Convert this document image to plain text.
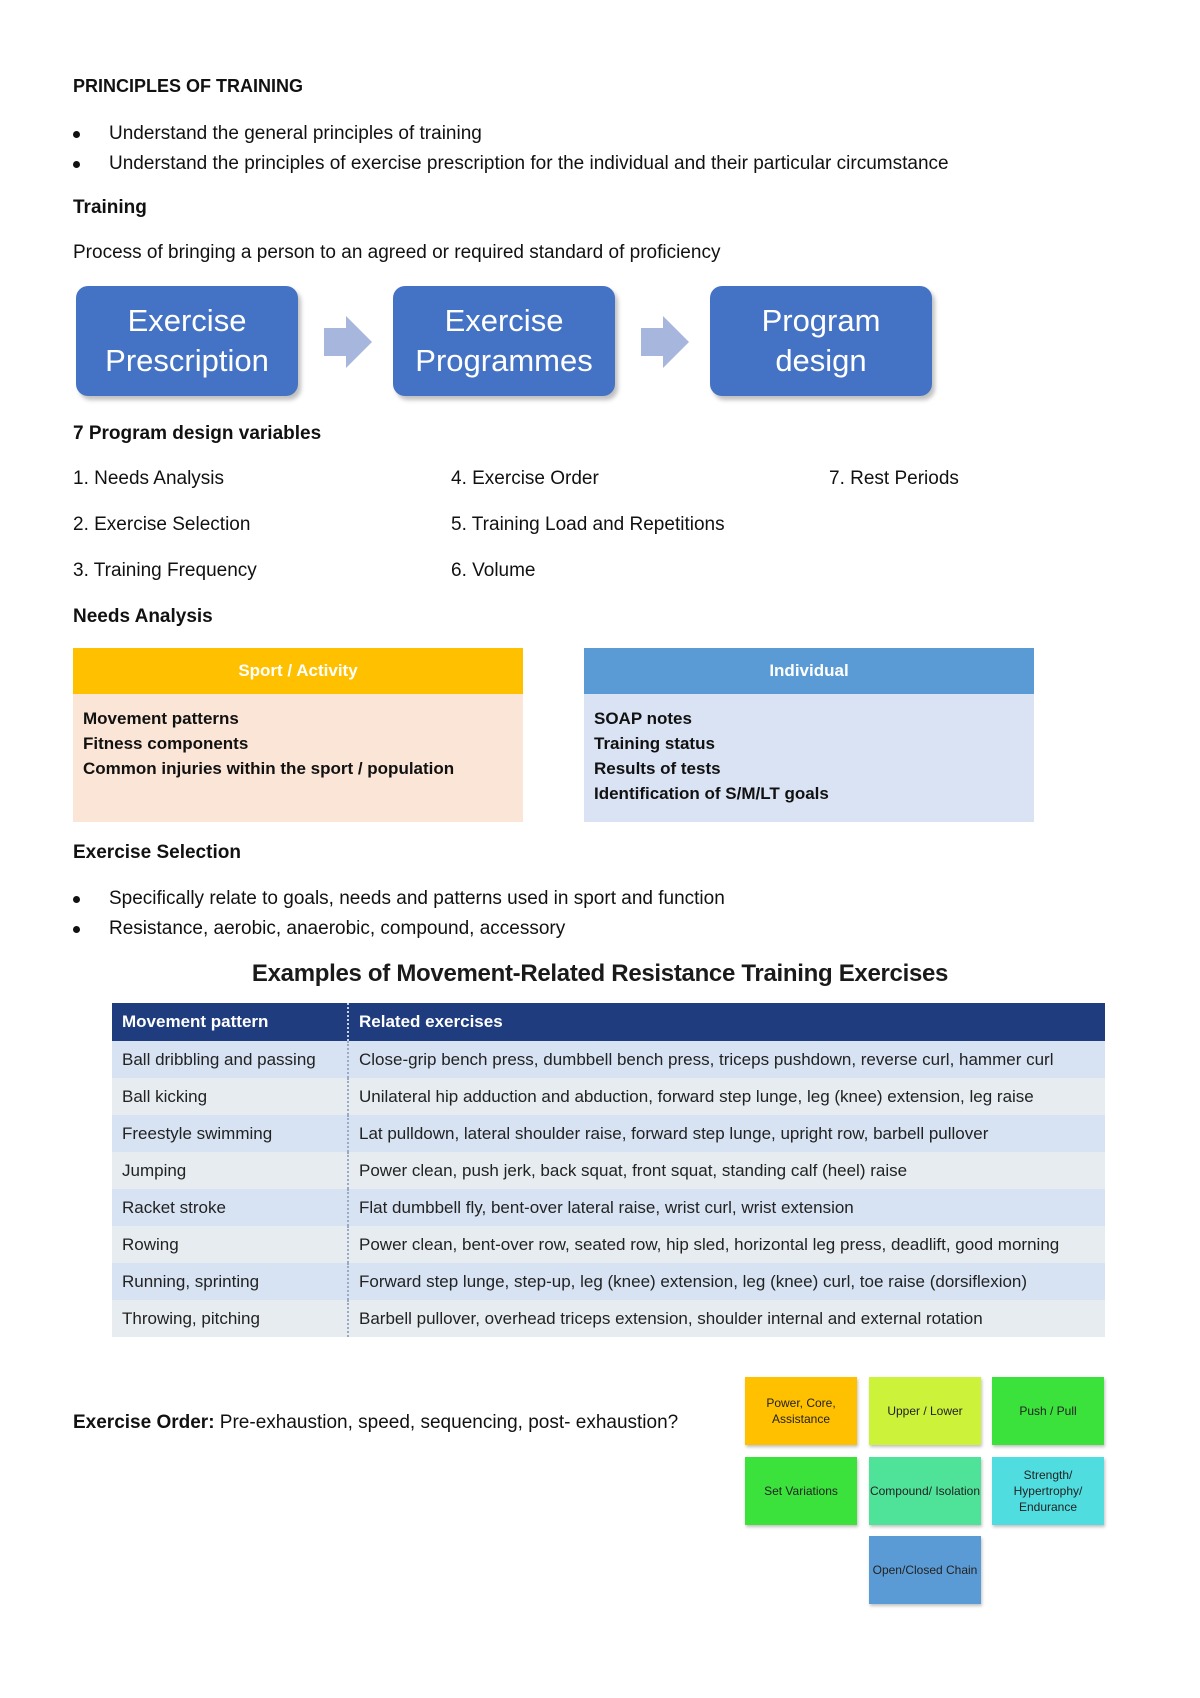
PRINCIPLES OF TRAINING
Understand the general principles of training
Understand the principles of exercise prescription for the individual and their particular circumstance
Training
Process of bringing a person to an agreed or required standard of proficiency
Exercise
Prescription
Exercise
Programmes
Program
design
7 Program design variables
1. Needs Analysis
2. Exercise Selection
3. Training Frequency
4. Exercise Order
5. Training Load and Repetitions
6. Volume
7. Rest Periods
Needs Analysis
Sport / Activity
Movement patterns
Fitness components
Common injuries within the sport / population
Individual
SOAP notes
Training status
Results of tests
Identification of S/M/LT goals
Exercise Selection
Specifically relate to goals, needs and patterns used in sport and function
Resistance, aerobic, anaerobic, compound, accessory
Examples of Movement-Related Resistance Training Exercises
Movement pattern	Related exercises
Ball dribbling and passing	Close-grip bench press, dumbbell bench press, triceps pushdown, reverse curl, hammer curl
Ball kicking	Unilateral hip adduction and abduction, forward step lunge, leg (knee) extension, leg raise
Freestyle swimming	Lat pulldown, lateral shoulder raise, forward step lunge, upright row, barbell pullover
Jumping	Power clean, push jerk, back squat, front squat, standing calf (heel) raise
Racket stroke	Flat dumbbell fly, bent-over lateral raise, wrist curl, wrist extension
Rowing	Power clean, bent-over row, seated row, hip sled, horizontal leg press, deadlift, good morning
Running, sprinting	Forward step lunge, step-up, leg (knee) extension, leg (knee) curl, toe raise (dorsiflexion)
Throwing, pitching	Barbell pullover, overhead triceps extension, shoulder internal and external rotation
Exercise Order: Pre-exhaustion, speed, sequencing, post- exhaustion?
Power, Core, Assistance
Upper / Lower	Push / Pull
Set Variations	Compound/ Isolation
Strength/ Hypertrophy/ Endurance
Open/Closed Chain
